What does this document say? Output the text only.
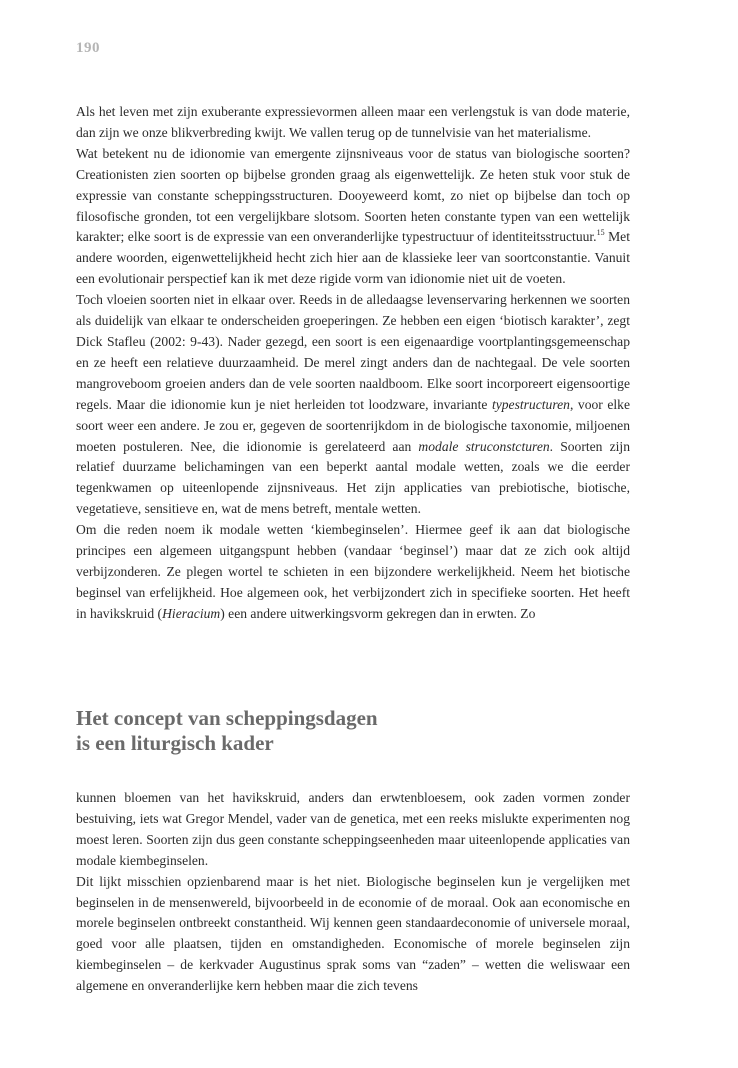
190

Als het leven met zijn exuberante expressievormen alleen maar een verlengstuk is van dode materie, dan zijn we onze blikverbreding kwijt. We vallen terug op de tunnelvisie van het materialisme.

Wat betekent nu de idionomie van emergente zijnsniveaus voor de status van biologische soorten? Creationisten zien soorten op bijbelse gronden graag als eigenwettelijk. Ze heten stuk voor stuk de expressie van constante scheppingsstructuren. Dooyeweerd komt, zo niet op bijbelse dan toch op filosofische gronden, tot een vergelijkbare slotsom. Soorten heten constante typen van een wettelijk karakter; elke soort is de expressie van een onveranderlijke typestructuur of identiteitsstructuur.$^{15}$ Met andere woorden, eigenwettelijkheid hecht zich hier aan de klassieke leer van soortconstantie. Vanuit een evolutionair perspectief kan ik met deze rigide vorm van idionomie niet uit de voeten.

Toch vloeien soorten niet in elkaar over. Reeds in de alledaagse levenservaring herkennen we soorten als duidelijk van elkaar te onderscheiden groeperingen. Ze hebben een eigen ‘biotisch karakter’, zegt Dick Stafleu (2002: 9-43). Nader gezegd, een soort is een eigenaardige voortplantingsgemeenschap en ze heeft een relatieve duurzaamheid. De merel zingt anders dan de nachtegaal. De vele soorten mangroveboom groeien anders dan de vele soorten naaldboom. Elke soort incorporeert eigensoortige regels. Maar die idionomie kun je niet herleiden tot loodzware, invariante typestructuren, voor elke soort weer een andere. Je zou er, gegeven de soortenrijkdom in de biologische taxonomie, miljoenen moeten postuleren. Nee, die idionomie is gerelateerd aan modale struconstcturen. Soorten zijn relatief duurzame belichamingen van een beperkt aantal modale wetten, zoals we die eerder tegenkwamen op uiteenlopende zijnsniveaus. Het zijn applicaties van prebiotische, biotische, vegetatieve, sensitieve en, wat de mens betreft, mentale wetten.

Om die reden noem ik modale wetten ‘kiembeginselen’. Hiermee geef ik aan dat biologische principes een algemeen uitgangspunt hebben (vandaar ‘beginsel’) maar dat ze zich ook altijd verbijzonderen. Ze plegen wortel te schieten in een bijzondere werkelijkheid. Neem het biotische beginsel van erfelijkheid. Hoe algemeen ook, het verbijzondert zich in specifieke soorten. Het heeft in havikskruid (Hieracium) een andere uitwerkingsvorm gekregen dan in erwten. Zo

Het concept van scheppingsdagen
is een liturgisch kader

kunnen bloemen van het havikskruid, anders dan erwtenbloesem, ook zaden vormen zonder bestuiving, iets wat Gregor Mendel, vader van de genetica, met een reeks mislukte experimenten nog moest leren. Soorten zijn dus geen constante scheppingseenheden maar uiteenlopende applicaties van modale kiembeginselen.

Dit lijkt misschien opzienbarend maar is het niet. Biologische beginselen kun je vergelijken met beginselen in de mensenwereld, bijvoorbeeld in de economie of de moraal. Ook aan economische en morele beginselen ontbreekt constantheid. Wij kennen geen standaardeconomie of universele moraal, goed voor alle plaatsen, tijden en omstandigheden. Economische of morele beginselen zijn kiembeginselen – de kerkvader Augustinus sprak soms van “zaden” – wetten die weliswaar een algemene en onveranderlijke kern hebben maar die zich tevens
